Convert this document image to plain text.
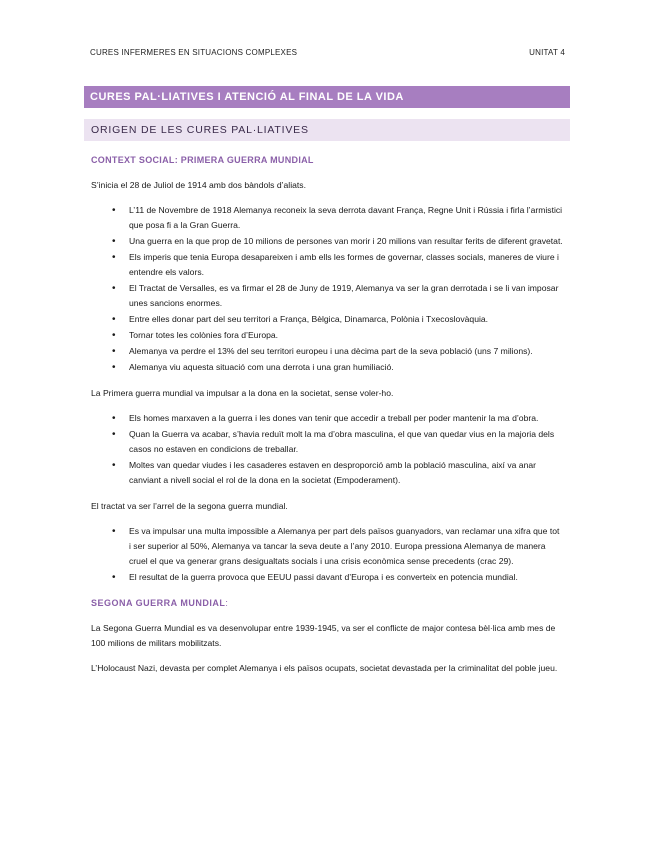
CURES INFERMERES EN SITUACIONS COMPLEXES	UNITAT 4
CURES PAL·LIATIVES I ATENCIÓ AL FINAL DE LA VIDA
ORIGEN DE LES CURES PAL·LIATIVES
CONTEXT SOCIAL: PRIMERA GUERRA MUNDIAL

S’inicia el 28 de Juliol de 1914 amb dos bàndols d’aliats.

• L’11 de Novembre de 1918 Alemanya reconeix la seva derrota davant França, Regne Unit i Rússia i firla l’armistici que posa fi a la Gran Guerra.
• Una guerra en la que prop de 10 milions de persones van morir i 20 milions van resultar ferits de diferent gravetat.
• Els imperis que tenia Europa desapareixen i amb ells les formes de governar, classes socials, maneres de viure i entendre els valors.
• El Tractat de Versalles, es va firmar el 28 de Juny de 1919, Alemanya va ser la gran derrotada i se li van imposar unes sancions enormes.
• Entre elles donar part del seu territori a França, Bèlgica, Dinamarca, Polònia i Txecoslovàquia.
• Tornar totes les colònies fora d’Europa.
• Alemanya va perdre el 13% del seu territori europeu i una dècima part de la seva població (uns 7 milions).
• Alemanya viu aquesta situació com una derrota i una gran humiliació.

La Primera guerra mundial va impulsar a la dona en la societat, sense voler-ho.

• Els homes marxaven a la guerra i les dones van tenir que accedir a treball per poder mantenir la ma d’obra.
• Quan la Guerra va acabar, s’havia reduït molt la ma d’obra masculina, el que van quedar vius en la majoria dels casos no estaven en condicions de treballar.
• Moltes van quedar viudes i les casaderes estaven en desproporció amb la població masculina, així va anar canviant a nivell social el rol de la dona en la societat (Empoderament).

El tractat va ser l’arrel de la segona guerra mundial.

• Es va impulsar una multa impossible a Alemanya per part dels països guanyadors, van reclamar una xifra que tot i ser superior al 50%, Alemanya va tancar la seva deute a l’any 2010. Europa pressiona Alemanya de manera cruel el que va generar grans desigualtats socials i una crisis econòmica sense precedents (crac 29).
• El resultat de la guerra provoca que EEUU passi davant d’Europa i es converteix en potencia mundial.
SEGONA GUERRA MUNDIAL:

La Segona Guerra Mundial es va desenvolupar entre 1939-1945, va ser el conflicte de major contesa bèl·lica amb mes de 100 milions de militars mobilitzats.

L’Holocaust Nazi, devasta per complet Alemanya i els països ocupats, societat devastada per la criminalitat del poble jueu.
